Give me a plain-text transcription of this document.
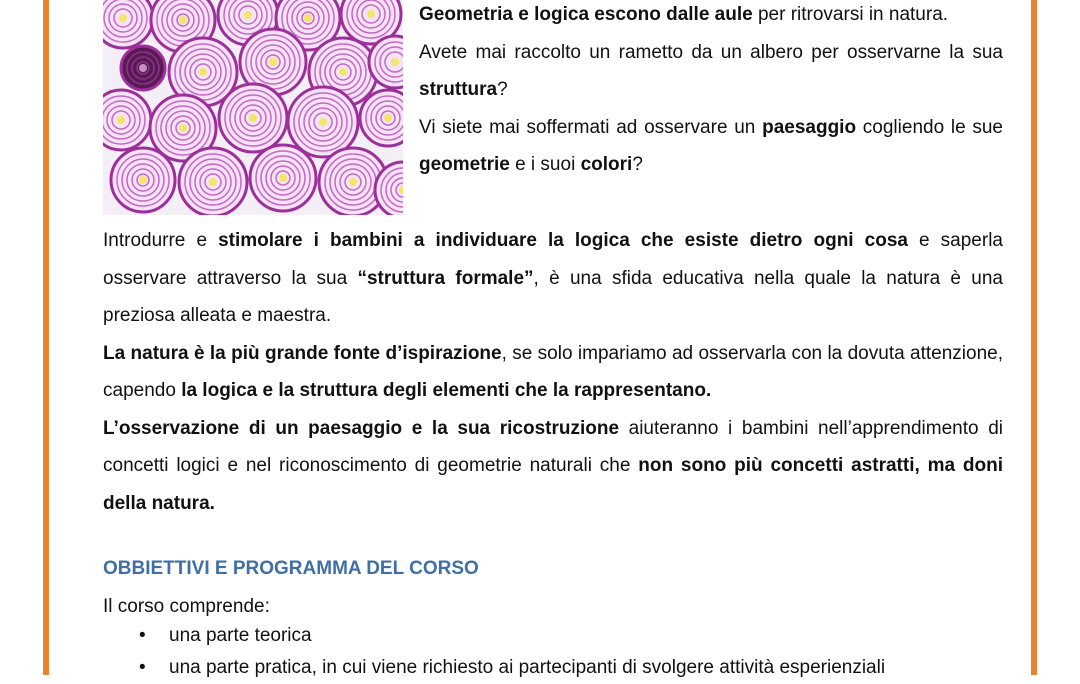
Geometria e logica escono dalle aule per ritrovarsi in natura.

Avete mai raccolto un rametto da un albero per osservarne la sua struttura?

Vi siete mai soffermati ad osservare un paesaggio cogliendo le sue geometrie e i suoi colori?

Introdurre e stimolare i bambini a individuare la logica che esiste dietro ogni cosa e saperla osservare attraverso la sua “struttura formale”, è una sfida educativa nella quale la natura è una preziosa alleata e maestra.

La natura è la più grande fonte d’ispirazione, se solo impariamo ad osservarla con la dovuta attenzione, capendo la logica e la struttura degli elementi che la rappresentano.

L’osservazione di un paesaggio e la sua ricostruzione aiuteranno i bambini nell’apprendimento di concetti logici e nel riconoscimento di geometrie naturali che non sono più concetti astratti, ma doni della natura.

OBBIETTIVI E PROGRAMMA DEL CORSO

Il corso comprende:

• una parte teorica
• una parte pratica, in cui viene richiesto ai partecipanti di svolgere attività esperienziali
